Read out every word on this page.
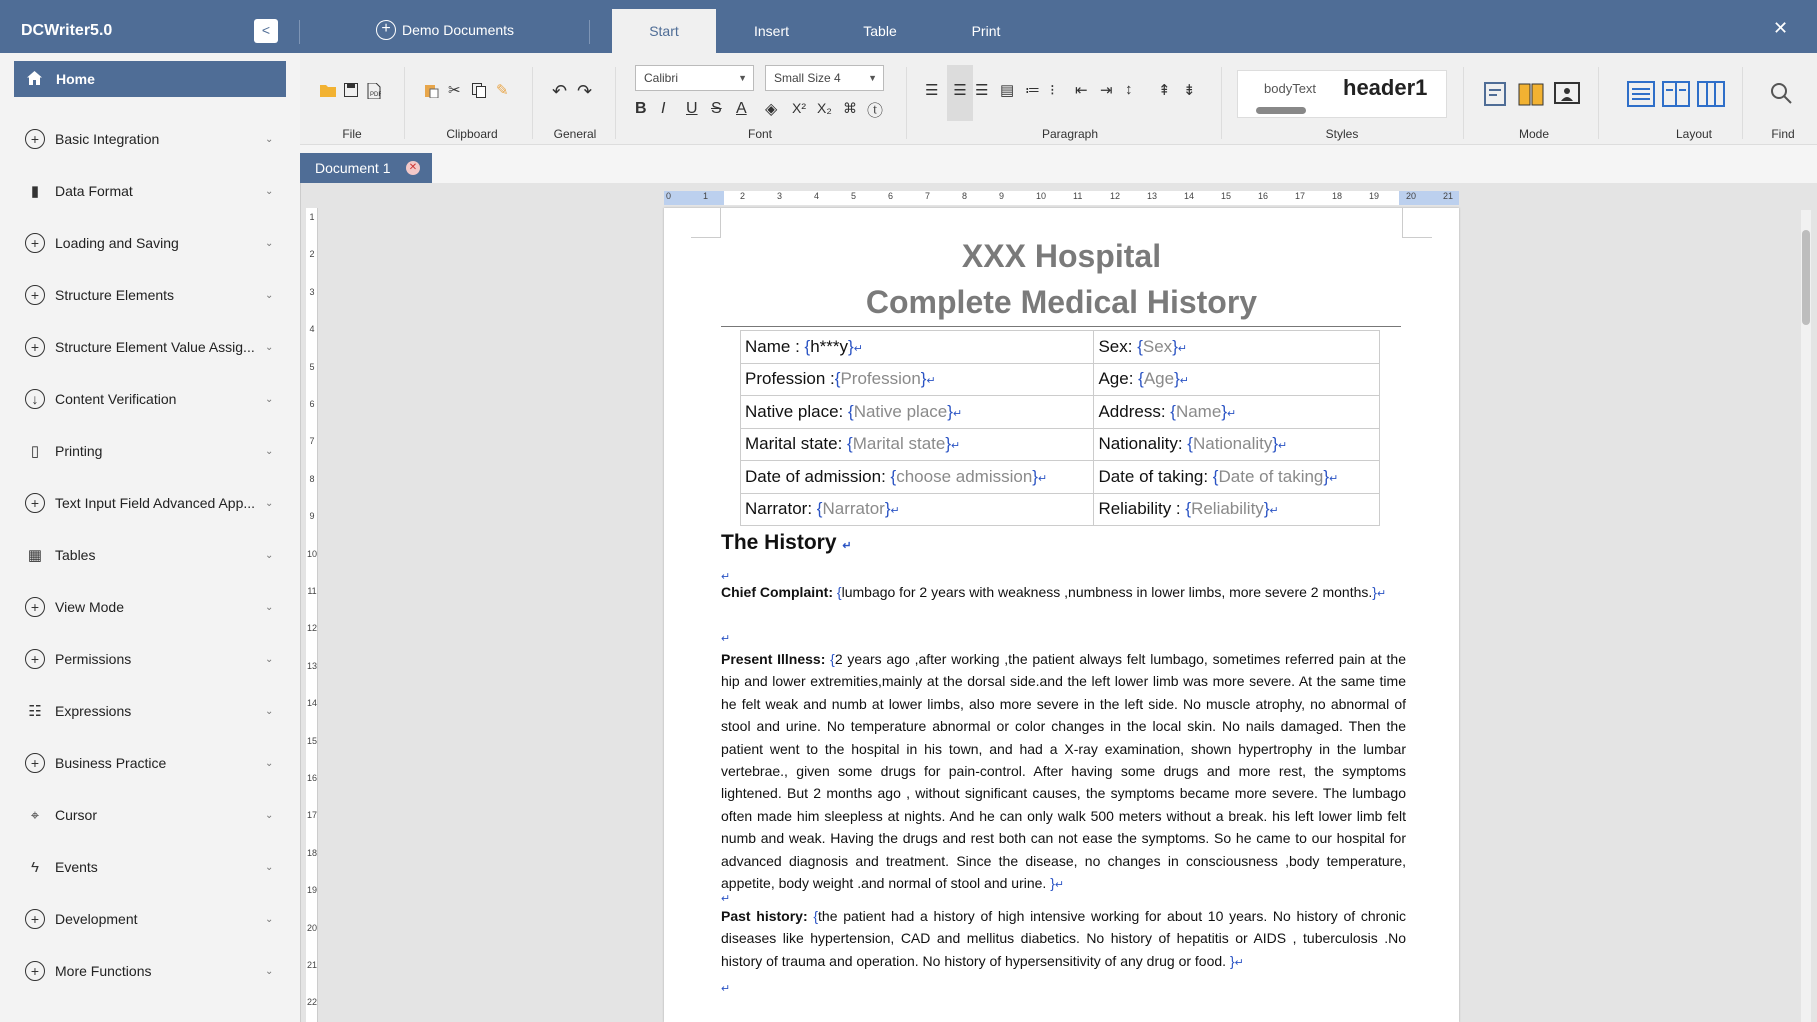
DCWriter5.0	<	+ Demo Documents	Start	Insert	Table	Print	✕
Home
+	Basic Integration	⌄
▮	Data Format	⌄
+	Loading and Saving	⌄
+	Structure Elements	⌄
+	Structure Element Value Assig... ⌄
↓	Content Verification	⌄
▯	Printing	⌄
+	Text Input Field Advanced App... ⌄
▦ Tables	⌄
+	View Mode	⌄
+	Permissions	⌄
☷ Expressions	⌄
+	Business Practice	⌄
⌖	Cursor	⌄
ϟ	Events	⌄
+	Development	⌄
+	More Functions	⌄
PDF
File
✂ ✎
Clipboard
↶ ↷
General
Calibri	▼	Small Size 4	▼
B I U S A ◈ X² X₂ ⌘ ⓣ
Font
☰ ☰ ☰ ▤ ≔ ⁝ ⇤ ⇥ ↕ ⇞ ⇟
Paragraph
bodyText header1
Styles	Mode	Layout	Find
Document 1 ✕
1
2
3
4
5
6
7
8
9
10
11
12
13
14
15
16
17
18
19
20
21
22
0	1	2	3	4	5	6	7	8	9	10	11	12	13	14	15	16	17	18	19	20	21
XXX Hospital
Complete Medical History
Name : {h***y}↵	Sex: {Sex}↵
Profession :{Profession}↵	Age: {Age}↵
Native place: {Native place}↵	Address: {Name}↵
Marital state: {Marital state}↵	Nationality: {Nationality}↵
Date of admission: {choose admission}↵	Date of taking: {Date of taking}↵
Narrator: {Narrator}↵	Reliability : {Reliability}↵
The History ↵
↵
Chief Complaint: {lumbago for 2 years with weakness ,numbness in lower limbs, more severe 2 months.}↵
↵
Present Illness: {2 years ago ,after working ,the patient always felt lumbago, sometimes referred pain at the hip and lower extremities,mainly at the dorsal side.and the left lower limb was more severe. At the same time he felt weak and numb at lower limbs, also more severe in the left side. No muscle atrophy, no abnormal of stool and urine. No temperature abnormal or color changes in the local skin. No nails damaged. Then the patient went to the hospital in his town, and had a X-ray examination, shown hypertrophy in the lumbar vertebrae., given some drugs for pain-control. After having some drugs and more rest, the symptoms lightened. But 2 months ago , without significant causes, the symptoms became more severe. The lumbago often made him sleepless at nights. And he can only walk 500 meters without a break. his left lower limb felt numb and weak. Having the drugs and rest both can not ease the symptoms. So he came to our hospital for advanced diagnosis and treatment. Since the disease, no changes in consciousness ,body temperature, appetite, body weight .and normal of stool and urine. }↵
↵
Past history: {the patient had a history of high intensive working for about 10 years. No history of chronic diseases like hypertension, CAD and mellitus diabetics. No history of hepatitis or AIDS , tuberculosis .No history of trauma and operation. No history of hypersensitivity of any drug or food. }↵
↵
